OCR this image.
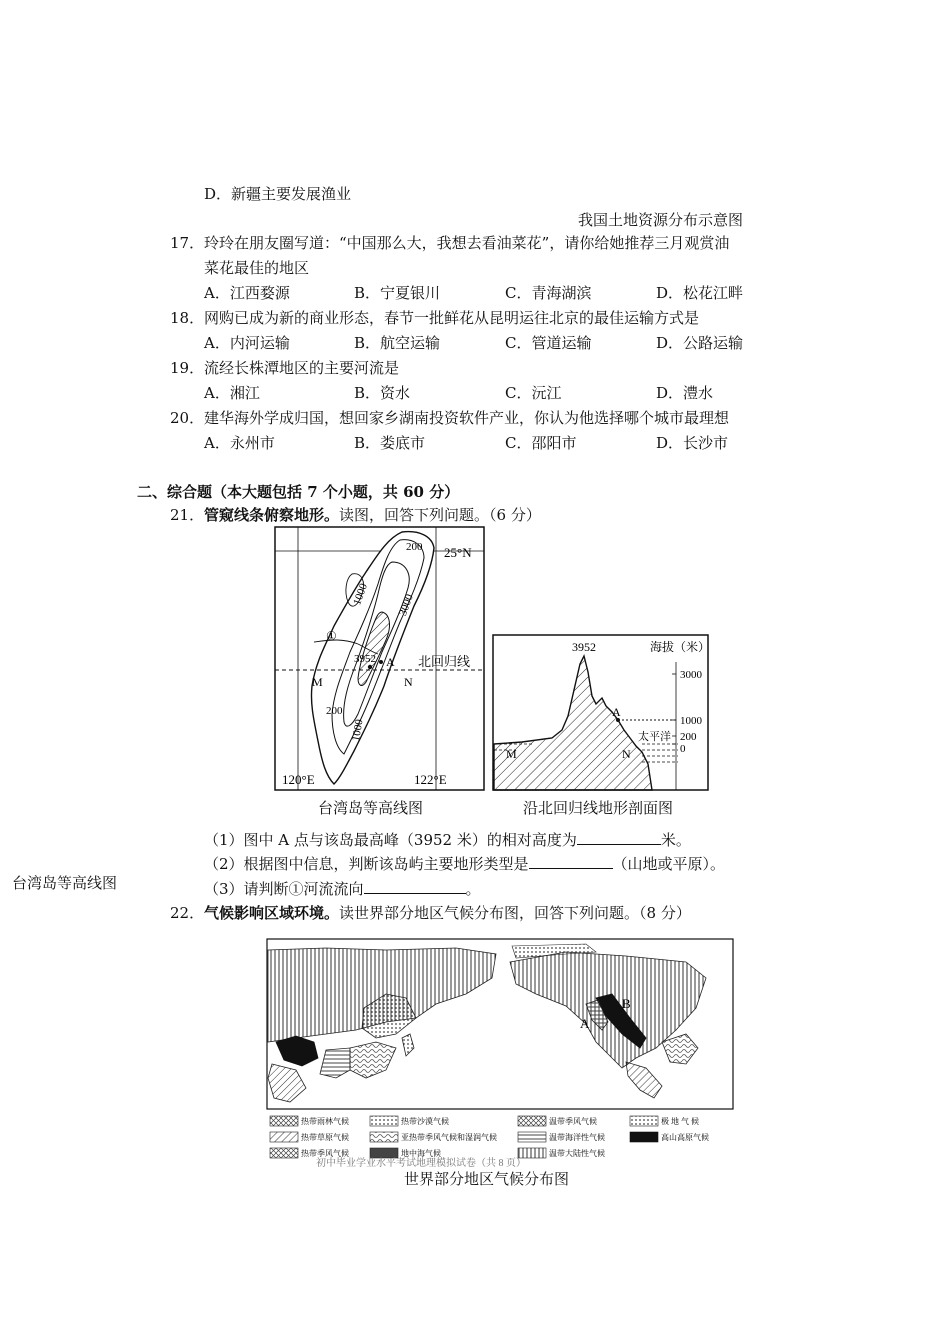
D．新疆主要发展渔业
我国土地资源分布示意图
17． 玲玲在朋友圈写道：“中国那么大，我想去看油菜花”，请你给她推荐三月观赏油
菜花最佳的地区
A．江西婺源	B．宁夏银川	C．青海湖滨	D．松花江畔
18． 网购已成为新的商业形态，春节一批鲜花从昆明运往北京的最佳运输方式是
A．内河运输	B．航空运输	C．管道运输	D．公路运输
19． 流经长株潭地区的主要河流是
A．湘江	B．资水	C．沅江	D．澧水
20． 建华海外学成归国，想回家乡湖南投资软件产业，你认为他选择哪个城市最理想
A．永州市	B．娄底市	C．邵阳市	D．长沙市
二、综合题（本大题包括 7 个小题，共 60 分）
21． 管窥线条俯察地形。读图，回答下列问题。（6 分）
25°N
120°E	122°E
200
1000 3000
1000
200
3952
①
北回归线
A
M	N
台湾岛等高线图
3952	海拔（米）
3000
1000
200
0
A
M	N
太平洋
沿北回归线地形剖面图
（1）图中 A 点与该岛最高峰（3952 米）的相对高度为	米。
（2）根据图中信息，判断该岛屿主要地形类型是	（山地或平原）。
台湾岛等高线图	（3）请判断①河流流向	。
22． 气候影响区域环境。读世界部分地区气候分布图，回答下列问题。（8 分）
A
B
热带雨林气候	热带沙漠气候	温带季风气候	极 地 气 候
热带草原气候	亚热带季风气候和湿润气候	温带海洋性气候	高山高原气候
热带季风气候	地中海气候	温带大陆性气候
初中毕业学业水平考试地理模拟试卷（共 8 页）
世界部分地区气候分布图
